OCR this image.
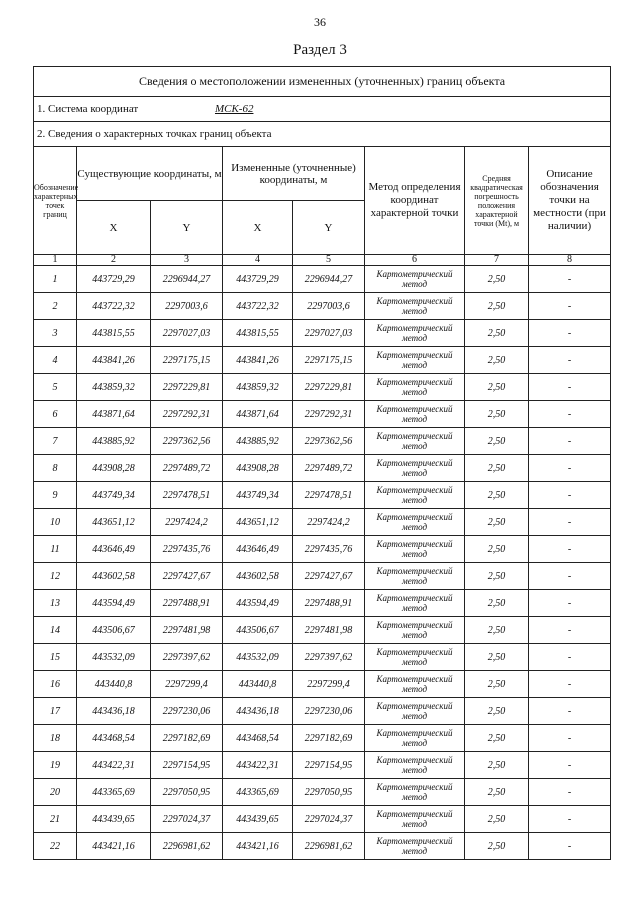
36
Раздел 3
Сведения о местоположении измененных (уточненных) границ объекта							
1. Система координат МСК-62							
2. Сведения о характерных точках границ объекта							
Обозначение характерных точек границ	Существующие координаты, м		Измененные (уточненные) координаты, м		Метод определения координат характерной точки	Средняя квадратическая погрешность положения характерной точки (Mt), м	Описание обозначения точки на местности (при наличии)
	X	Y	X	Y			
1	2	3	4	5	6	7	8
1	443729,29	2296944,27	443729,29	2296944,27	Картометрический метод	2,50	-
2	443722,32	2297003,6	443722,32	2297003,6	Картометрический метод	2,50	-
3	443815,55	2297027,03	443815,55	2297027,03	Картометрический метод	2,50	-
4	443841,26	2297175,15	443841,26	2297175,15	Картометрический метод	2,50	-
5	443859,32	2297229,81	443859,32	2297229,81	Картометрический метод	2,50	-
6	443871,64	2297292,31	443871,64	2297292,31	Картометрический метод	2,50	-
7	443885,92	2297362,56	443885,92	2297362,56	Картометрический метод	2,50	-
8	443908,28	2297489,72	443908,28	2297489,72	Картометрический метод	2,50	-
9	443749,34	2297478,51	443749,34	2297478,51	Картометрический метод	2,50	-
10	443651,12	2297424,2	443651,12	2297424,2	Картометрический метод	2,50	-
11	443646,49	2297435,76	443646,49	2297435,76	Картометрический метод	2,50	-
12	443602,58	2297427,67	443602,58	2297427,67	Картометрический метод	2,50	-
13	443594,49	2297488,91	443594,49	2297488,91	Картометрический метод	2,50	-
14	443506,67	2297481,98	443506,67	2297481,98	Картометрический метод	2,50	-
15	443532,09	2297397,62	443532,09	2297397,62	Картометрический метод	2,50	-
16	443440,8	2297299,4	443440,8	2297299,4	Картометрический метод	2,50	-
17	443436,18	2297230,06	443436,18	2297230,06	Картометрический метод	2,50	-
18	443468,54	2297182,69	443468,54	2297182,69	Картометрический метод	2,50	-
19	443422,31	2297154,95	443422,31	2297154,95	Картометрический метод	2,50	-
20	443365,69	2297050,95	443365,69	2297050,95	Картометрический метод	2,50	-
21	443439,65	2297024,37	443439,65	2297024,37	Картометрический метод	2,50	-
22	443421,16	2296981,62	443421,16	2296981,62	Картометрический метод	2,50	-
